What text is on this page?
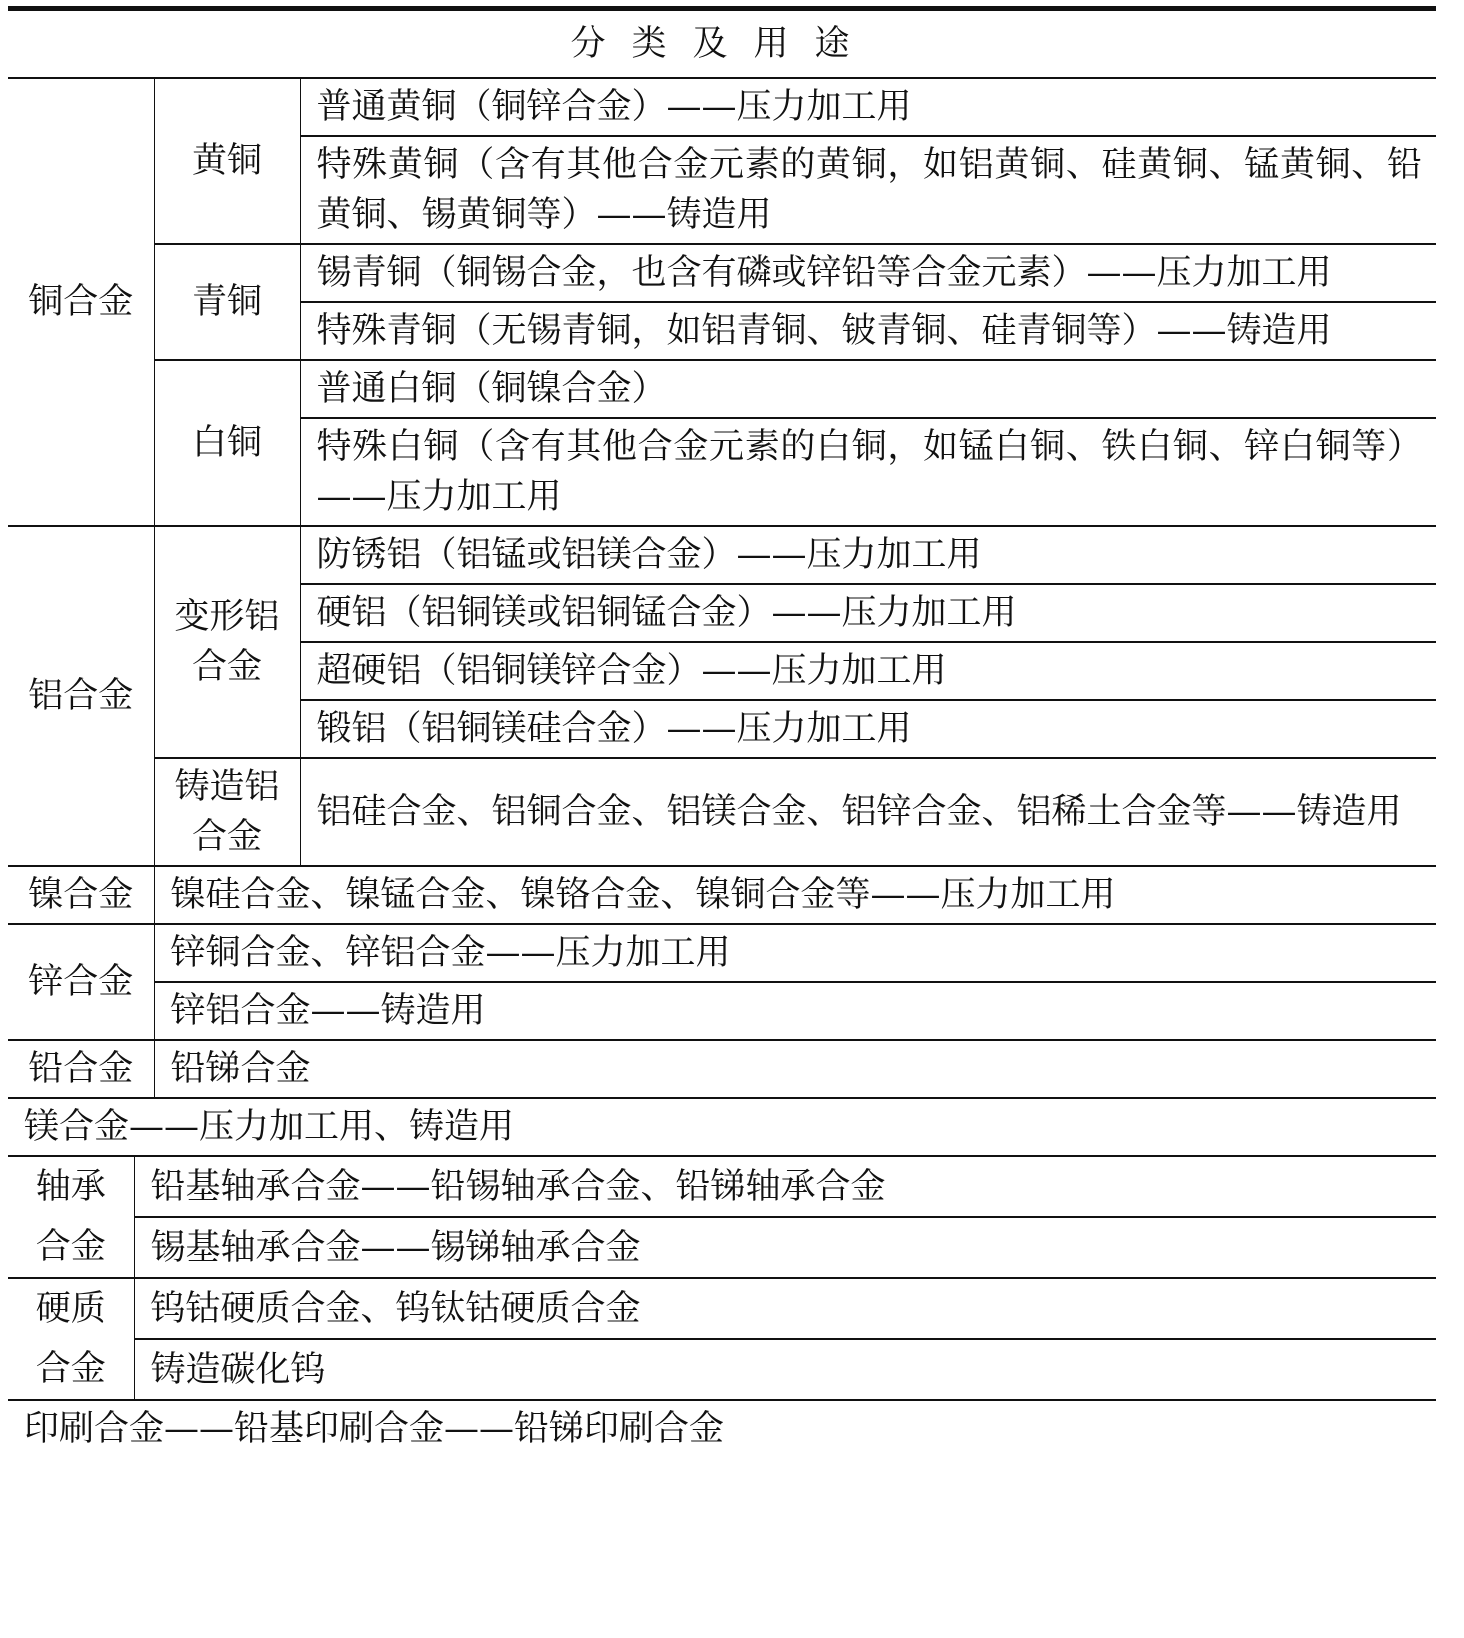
分类及用途
铜合金	黄铜	普通黄铜（铜锌合金）——压力加工用
特殊黄铜（含有其他合金元素的黄铜，如铝黄铜、硅黄铜、锰黄铜、铅黄铜、锡黄铜等）——铸造用
青铜	锡青铜（铜锡合金，也含有磷或锌铅等合金元素）——压力加工用
特殊青铜（无锡青铜，如铝青铜、铍青铜、硅青铜等）——铸造用
白铜	普通白铜（铜镍合金）
特殊白铜（含有其他合金元素的白铜，如锰白铜、铁白铜、锌白铜等）——压力加工用
铝合金	变形铝合金	防锈铝（铝锰或铝镁合金）——压力加工用
硬铝（铝铜镁或铝铜锰合金）——压力加工用
超硬铝（铝铜镁锌合金）——压力加工用
锻铝（铝铜镁硅合金）——压力加工用
铸造铝合金	铝硅合金、铝铜合金、铝镁合金、铝锌合金、铝稀土合金等——铸造用
镍合金	镍硅合金、镍锰合金、镍铬合金、镍铜合金等——压力加工用
锌合金	锌铜合金、锌铝合金——压力加工用
锌铝合金——铸造用
铅合金	铅锑合金
镁合金——压力加工用、铸造用

轴承合金	铅基轴承合金——铅锡轴承合金、铅锑轴承合金
锡基轴承合金——锡锑轴承合金

硬质合金	钨钴硬质合金、钨钛钴硬质合金
铸造碳化钨

印刷合金——铅基印刷合金——铅锑印刷合金
